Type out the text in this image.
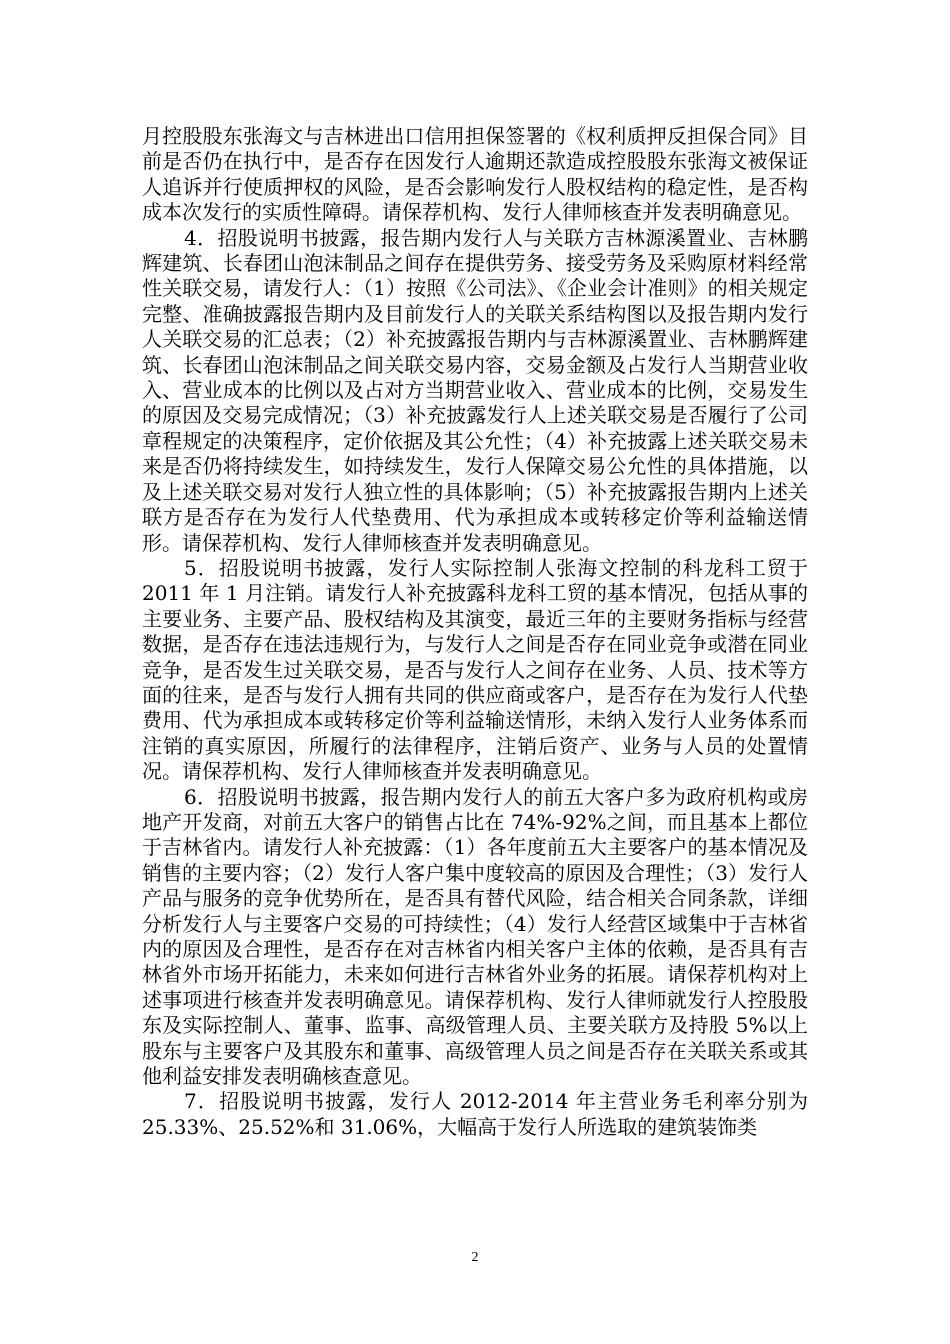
月控股股东张海文与吉林进出口信用担保签署的《权利质押反担保合同》目前是否仍在执行中，是否存在因发行人逾期还款造成控股股东张海文被保证人追诉并行使质押权的风险，是否会影响发行人股权结构的稳定性，是否构成本次发行的实质性障碍。请保荐机构、发行人律师核查并发表明确意见。

4．招股说明书披露，报告期内发行人与关联方吉林源溪置业、吉林鹏辉建筑、长春团山泡沫制品之间存在提供劳务、接受劳务及采购原材料经常性关联交易，请发行人：（1）按照《公司法》、《企业会计准则》的相关规定完整、准确披露报告期内及目前发行人的关联关系结构图以及报告期内发行人关联交易的汇总表；（2）补充披露报告期内与吉林源溪置业、吉林鹏辉建筑、长春团山泡沫制品之间关联交易内容，交易金额及占发行人当期营业收入、营业成本的比例以及占对方当期营业收入、营业成本的比例，交易发生的原因及交易完成情况；（3）补充披露发行人上述关联交易是否履行了公司章程规定的决策程序，定价依据及其公允性；（4）补充披露上述关联交易未来是否仍将持续发生，如持续发生，发行人保障交易公允性的具体措施，以及上述关联交易对发行人独立性的具体影响；（5）补充披露报告期内上述关联方是否存在为发行人代垫费用、代为承担成本或转移定价等利益输送情形。请保荐机构、发行人律师核查并发表明确意见。

5．招股说明书披露，发行人实际控制人张海文控制的科龙科工贸于 2011 年 1 月注销。请发行人补充披露科龙科工贸的基本情况，包括从事的主要业务、主要产品、股权结构及其演变，最近三年的主要财务指标与经营数据，是否存在违法违规行为，与发行人之间是否存在同业竞争或潜在同业竞争，是否发生过关联交易，是否与发行人之间存在业务、人员、技术等方面的往来，是否与发行人拥有共同的供应商或客户，是否存在为发行人代垫费用、代为承担成本或转移定价等利益输送情形，未纳入发行人业务体系而注销的真实原因，所履行的法律程序，注销后资产、业务与人员的处置情况。请保荐机构、发行人律师核查并发表明确意见。

6．招股说明书披露，报告期内发行人的前五大客户多为政府机构或房地产开发商，对前五大客户的销售占比在 74%-92%之间，而且基本上都位于吉林省内。请发行人补充披露：（1）各年度前五大主要客户的基本情况及销售的主要内容；（2）发行人客户集中度较高的原因及合理性；（3）发行人产品与服务的竞争优势所在，是否具有替代风险，结合相关合同条款，详细分析发行人与主要客户交易的可持续性；（4）发行人经营区域集中于吉林省内的原因及合理性，是否存在对吉林省内相关客户主体的依赖，是否具有吉林省外市场开拓能力，未来如何进行吉林省外业务的拓展。请保荐机构对上述事项进行核查并发表明确意见。请保荐机构、发行人律师就发行人控股股东及实际控制人、董事、监事、高级管理人员、主要关联方及持股 5%以上股东与主要客户及其股东和董事、高级管理人员之间是否存在关联关系或其他利益安排发表明确核查意见。

7．招股说明书披露，发行人 2012-2014 年主营业务毛利率分别为 25.33%、25.52%和 31.06%，大幅高于发行人所选取的建筑装饰类

2
